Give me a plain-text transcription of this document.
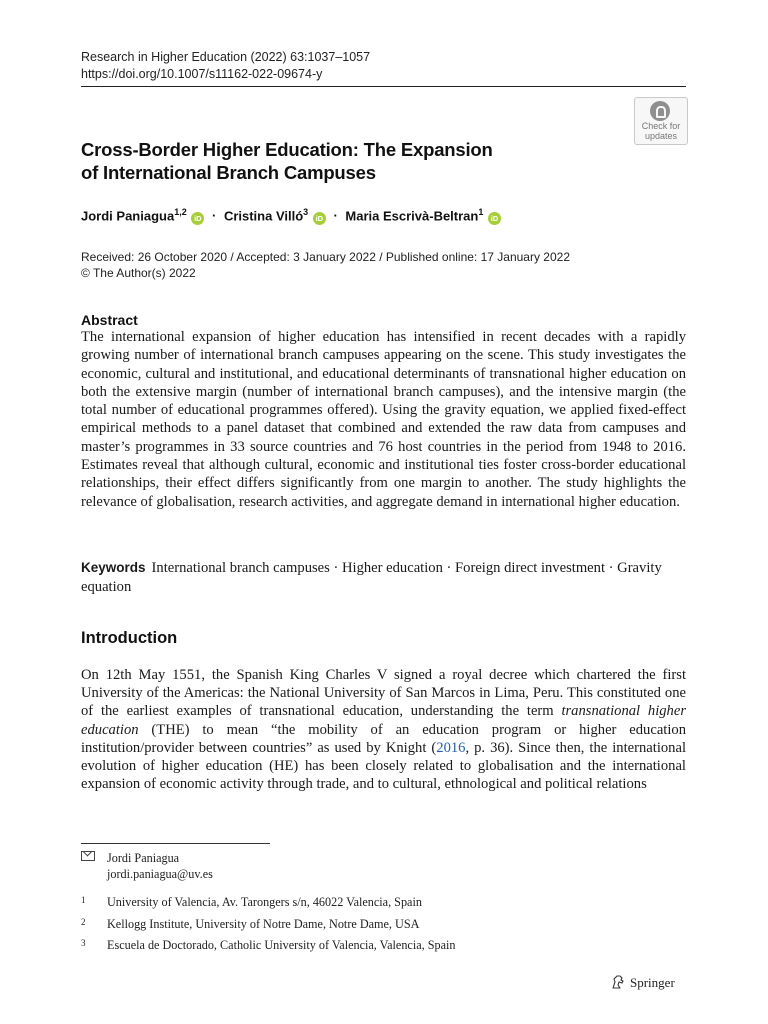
Research in Higher Education (2022) 63:1037–1057
https://doi.org/10.1007/s11162-022-09674-y
Check for
updates
Cross-Border Higher Education: The Expansion
of International Branch Campuses
Jordi Paniagua$^{1,2}$ iD · Cristina Villó$^3$ iD · Maria Escrivà-Beltran$^1$ iD
Received: 26 October 2020 / Accepted: 3 January 2022 / Published online: 17 January 2022
© The Author(s) 2022
Abstract
The international expansion of higher education has intensified in recent decades with a rapidly growing number of international branch campuses appearing on the scene. This study investigates the economic, cultural and institutional, and educational determinants of transnational higher education on both the extensive margin (number of international branch campuses), and the intensive margin (the total number of educational programmes offered). Using the gravity equation, we applied fixed-effect empirical methods to a panel dataset that combined and extended the raw data from campuses and master’s programmes in 33 source countries and 76 host countries in the period from 1948 to 2016. Estimates reveal that although cultural, economic and institutional ties foster cross-border educational relationships, their effect differs significantly from one margin to another. The study highlights the relevance of globalisation, research activities, and aggregate demand in international higher education.
Keywords International branch campuses · Higher education · Foreign direct investment · Gravity equation
Introduction
On 12th May 1551, the Spanish King Charles V signed a royal decree which chartered the first University of the Americas: the National University of San Marcos in Lima, Peru. This constituted one of the earliest examples of transnational education, understanding the term transnational higher education (THE) to mean “the mobility of an education program or higher education institution/provider between countries” as used by Knight (2016, p. 36). Since then, the international evolution of higher education (HE) has been closely related to globalisation and the international expansion of economic activity through trade, and to cultural, ethnological and political relations
Jordi Paniagua
jordi.paniagua@uv.es
1 University of Valencia, Av. Tarongers s/n, 46022 Valencia, Spain
2 Kellogg Institute, University of Notre Dame, Notre Dame, USA
3 Escuela de Doctorado, Catholic University of Valencia, Valencia, Spain
Springer
